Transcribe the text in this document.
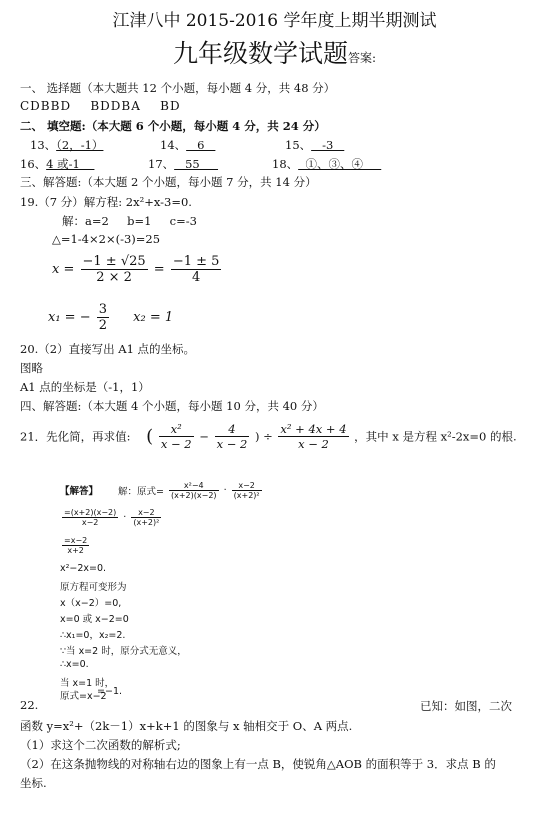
江津八中 2015-2016 学年度上期半期测试
九年级数学试题答案:
一、 选择题（本大题共 12 个小题，每小题 4 分，共 48 分）
CDBBD    BDDBA    BD
二、 填空题:（本大题 6 个小题，每小题 4 分，共 24 分）
13、（2，-1）	14、   6	15、   -3
16、4 或-1	17、   55	18、  ①、③、④
三、解答题:（本大题 2 个小题，每小题 7 分，共 14 分）
19.（7 分）解方程: 2x²+x-3=0.
解：a=2     b=1     c=-3
△=1-4×2×(-3)=25
$x = \frac{-1 \pm √25}{2 \times 2} = \frac{-1 \pm 5}{4}$
x₁ = − $\frac{3}{2} x_2 = 1$
20.（2）直接写出 A1 点的坐标。
图略
A1 点的坐标是（-1，1）
四、解答题:（本大题 4 个小题，每小题 10 分，共 40 分）
21．先化简，再求值: ( $\frac{\text{x²}}{x - 2} - \frac{4}{x - 2}$ ) ÷ $\frac{\text{x² + 4x + 4}}{x - 2}$ ，其中 x 是方程 x²-2x=0 的根.
【解答】 解：原式= $\frac{\text{x²−4}}{(x+2)(x-2)} \cdot \frac{x-2}{\text{(x+2)²}}$
$\frac{=(x+2)(x-2)}{x-2} \cdot \frac{x-2}{\text{(x+2)²}}$
$\frac{=x-2}{x+2}$
x²−2x=0.
原方程可变形为
x（x−2）=0,
x=0 或 x−2=0
∴x₁=0，x₂=2.
∵当 x=2 时，原分式无意义，
∴x=0.
当 x=1 时，
原式=x−2
=−1.
22.	已知：如图，二次
函数 y=x²+（2k－1）x+k+1 的图象与 x 轴相交于 O、A 两点.
（1）求这个二次函数的解析式;
（2）在这条抛物线的对称轴右边的图象上有一点 B，使锐角△AOB 的面积等于 3．求点 B 的
坐标.
